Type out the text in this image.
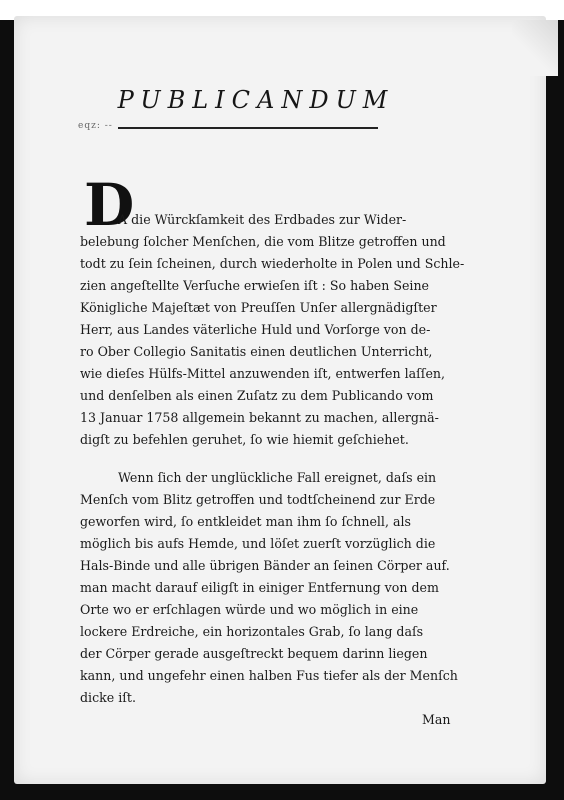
PUBLICANDUM
eqz: --
D
A die Würckſamkeit des Erdbades zur Wider-
belebung ſolcher Menſchen, die vom Blitze getroffen und
todt zu ſein ſcheinen, durch wiederholte in Polen und Schle-
zien angeſtellte Verſuche erwieſen iſt : So haben Seine
Königliche Majeſtæt von Preuſſen Unſer allergnädigſter
Herr, aus Landes väterliche Huld und Vorſorge von de-
ro Ober Collegio Sanitatis einen deutlichen Unterricht,
wie dieſes Hülfs-Mittel anzuwenden iſt, entwerfen laſſen,
und denſelben als einen Zuſatz zu dem Publicando vom
13 Januar 1758 allgemein bekannt zu machen, allergnä-
digſt zu befehlen geruhet, ſo wie hiemit geſchiehet.
Wenn ſich der unglückliche Fall ereignet, daſs ein
Menſch vom Blitz getroffen und todtſcheinend zur Erde
geworfen wird, ſo entkleidet man ihm ſo ſchnell, als
möglich bis aufs Hemde, und löſet zuerſt vorzüglich die
Hals-Binde und alle übrigen Bänder an ſeinen Cörper auf.
man macht darauf eiligſt in einiger Entfernung von dem
Orte wo er erſchlagen würde und wo möglich in eine
lockere Erdreiche, ein horizontales Grab, ſo lang daſs
der Cörper gerade ausgeſtreckt bequem darinn liegen
kann, und ungefehr einen halben Fus tiefer als der Menſch
dicke iſt.
Man
